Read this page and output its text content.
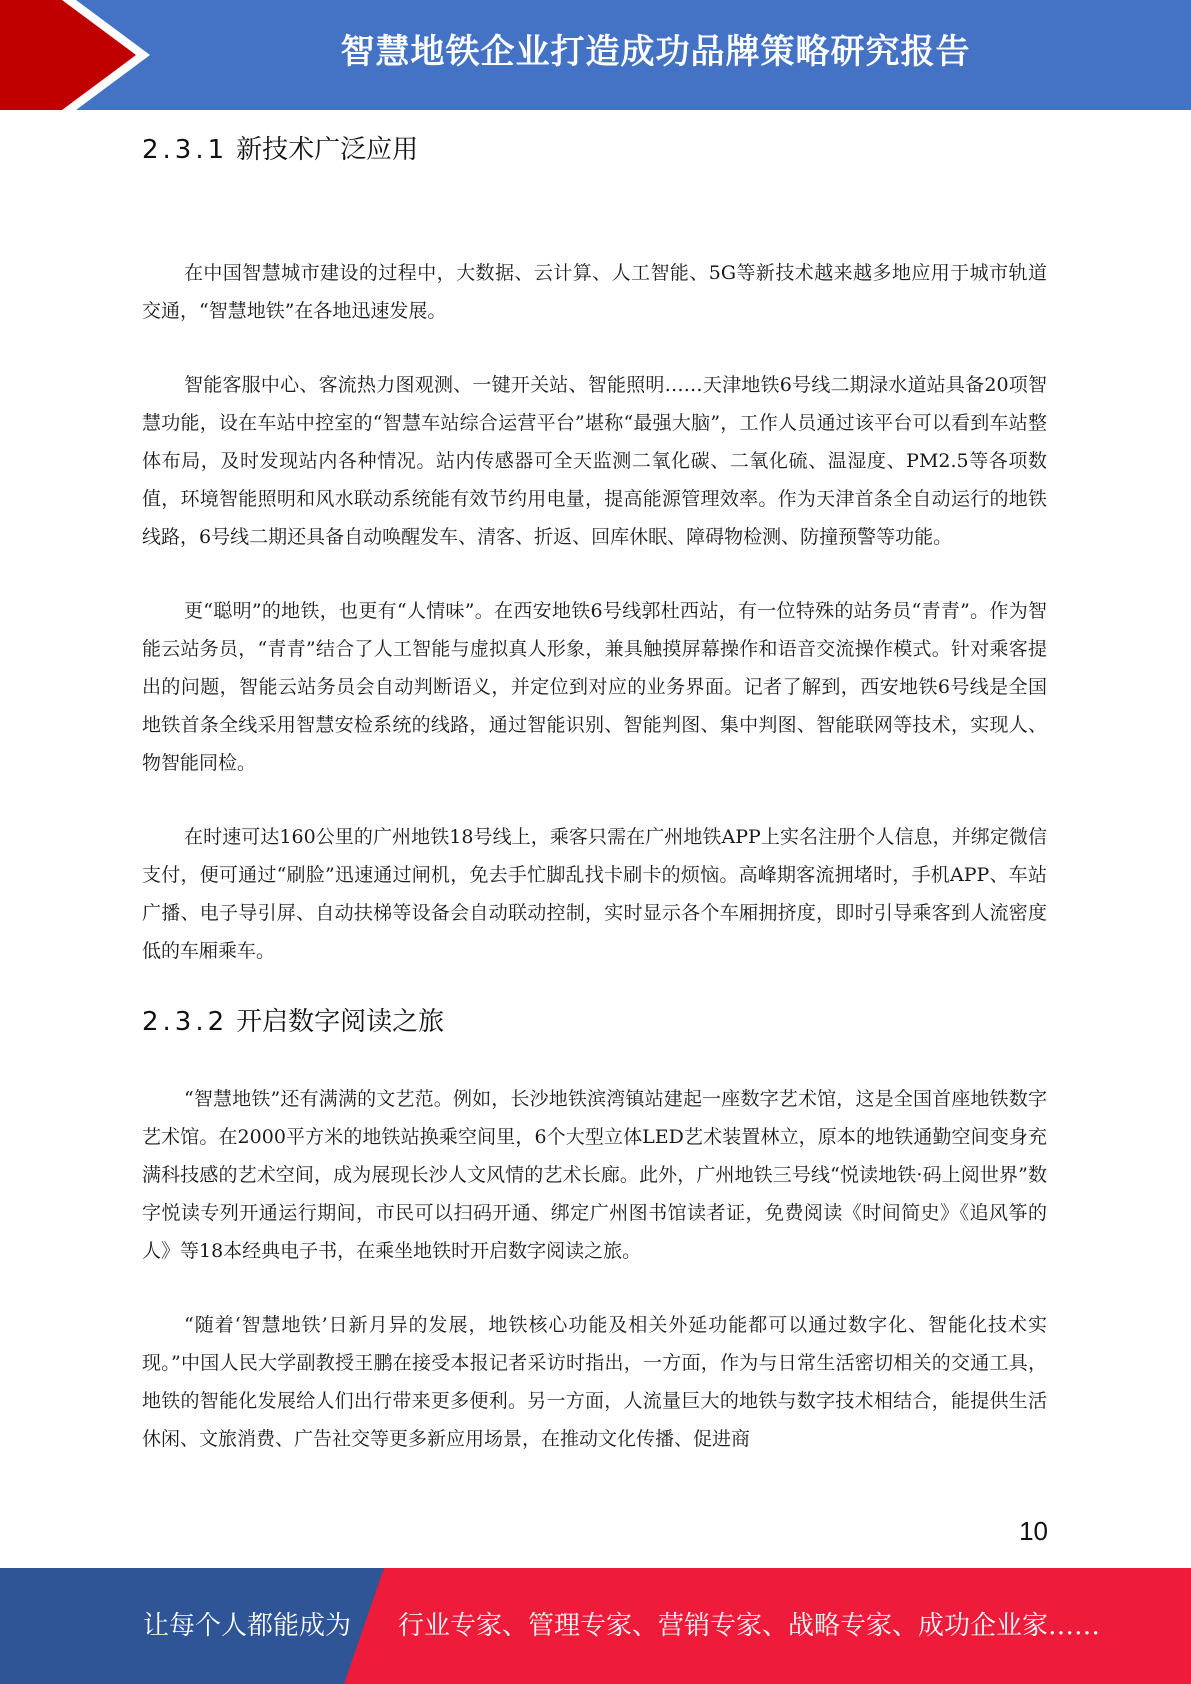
智慧地铁企业打造成功品牌策略研究报告
2.3.1 新技术广泛应用

在中国智慧城市建设的过程中，大数据、云计算、人工智能、5G等新技术越来越多地应用于城市轨道交通，“智慧地铁”在各地迅速发展。

智能客服中心、客流热力图观测、一键开关站、智能照明……天津地铁6号线二期渌水道站具备20项智慧功能，设在车站中控室的“智慧车站综合运营平台”堪称“最强大脑”，工作人员通过该平台可以看到车站整体布局，及时发现站内各种情况。站内传感器可全天监测二氧化碳、二氧化硫、温湿度、PM2.5等各项数值，环境智能照明和风水联动系统能有效节约用电量，提高能源管理效率。作为天津首条全自动运行的地铁线路，6号线二期还具备自动唤醒发车、清客、折返、回库休眠、障碍物检测、防撞预警等功能。

更“聪明”的地铁，也更有“人情味”。在西安地铁6号线郭杜西站，有一位特殊的站务员“青青”。作为智能云站务员，“青青”结合了人工智能与虚拟真人形象，兼具触摸屏幕操作和语音交流操作模式。针对乘客提出的问题，智能云站务员会自动判断语义，并定位到对应的业务界面。记者了解到，西安地铁6号线是全国地铁首条全线采用智慧安检系统的线路，通过智能识别、智能判图、集中判图、智能联网等技术，实现人、物智能同检。

在时速可达160公里的广州地铁18号线上，乘客只需在广州地铁APP上实名注册个人信息，并绑定微信支付，便可通过“刷脸”迅速通过闸机，免去手忙脚乱找卡刷卡的烦恼。高峰期客流拥堵时，手机APP、车站广播、电子导引屏、自动扶梯等设备会自动联动控制，实时显示各个车厢拥挤度，即时引导乘客到人流密度低的车厢乘车。

2.3.2 开启数字阅读之旅

“智慧地铁”还有满满的文艺范。例如，长沙地铁滨湾镇站建起一座数字艺术馆，这是全国首座地铁数字艺术馆。在2000平方米的地铁站换乘空间里，6个大型立体LED艺术装置林立，原本的地铁通勤空间变身充满科技感的艺术空间，成为展现长沙人文风情的艺术长廊。此外，广州地铁三号线“悦读地铁·码上阅世界”数字悦读专列开通运行期间，市民可以扫码开通、绑定广州图书馆读者证，免费阅读《时间简史》《追风筝的人》等18本经典电子书，在乘坐地铁时开启数字阅读之旅。

“随着‘智慧地铁’日新月异的发展，地铁核心功能及相关外延功能都可以通过数字化、智能化技术实现。”中国人民大学副教授王鹏在接受本报记者采访时指出，一方面，作为与日常生活密切相关的交通工具，地铁的智能化发展给人们出行带来更多便利。另一方面，人流量巨大的地铁与数字技术相结合，能提供生活休闲、文旅消费、广告社交等更多新应用场景，在推动文化传播、促进商

10
让每个人都能成为 行业专家、管理专家、营销专家、战略专家、成功企业家……
